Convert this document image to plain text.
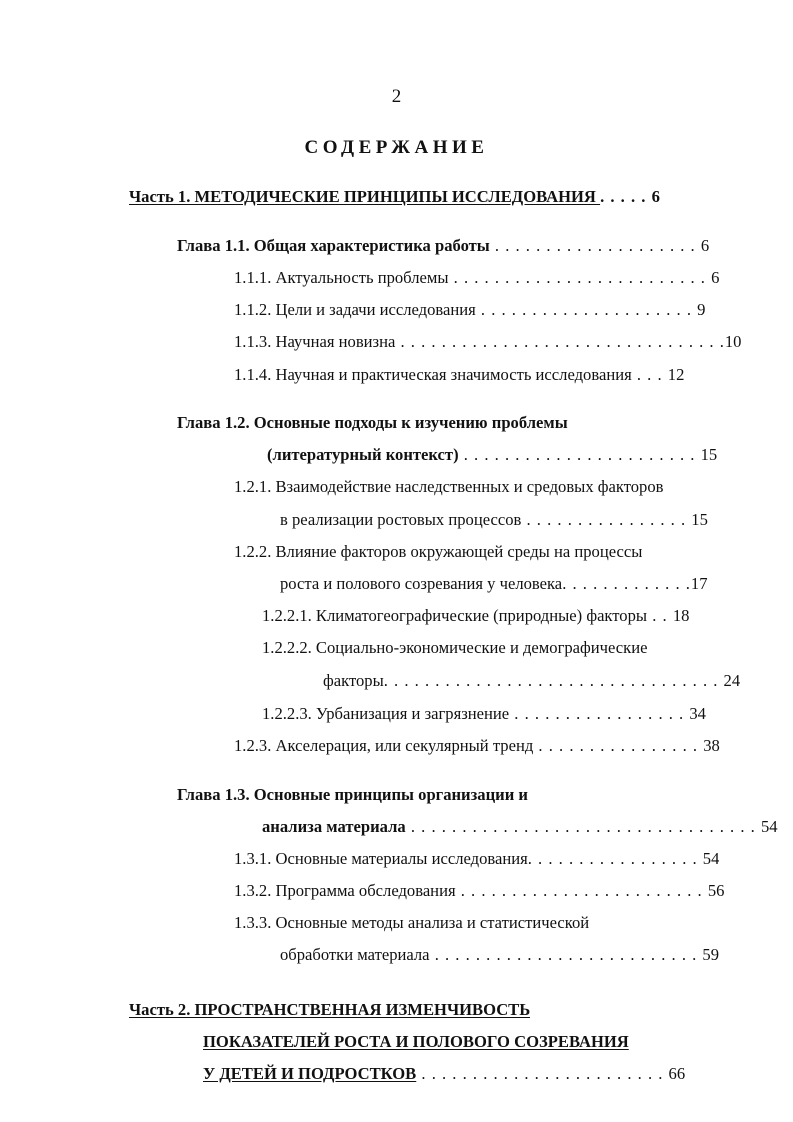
2
СОДЕРЖАНИЕ
Часть 1. МЕТОДИЧЕСКИЕ ПРИНЦИПЫ ИССЛЕДОВАНИЯ . . . . . 6
Глава 1.1. Общая характеристика работы . . . . . . . . . . . . . . . . . . . . 6
1.1.1. Актуальность проблемы . . . . . . . . . . . . . . . . . . . . . . . . . 6
1.1.2. Цели и задачи исследования . . . . . . . . . . . . . . . . . . . . . 9
1.1.3. Научная новизна . . . . . . . . . . . . . . . . . . . . . . . . . . . . . . . .10
1.1.4. Научная и практическая значимость исследования . . . 12
Глава 1.2. Основные подходы к изучению проблемы
(литературный контекст) . . . . . . . . . . . . . . . . . . . . . . . 15
1.2.1. Взаимодействие наследственных и средовых факторов
в реализации ростовых процессов . . . . . . . . . . . . . . . . 15
1.2.2. Влияние факторов окружающей среды на процессы
роста и полового созревания у человека. . . . . . . . . . . . .17
1.2.2.1. Климатогеографические (природные) факторы . . 18
1.2.2.2. Социально-экономические и демографические
факторы. . . . . . . . . . . . . . . . . . . . . . . . . . . . . . . . . 24
1.2.2.3. Урбанизация и загрязнение . . . . . . . . . . . . . . . . . 34
1.2.3. Акселерация, или секулярный тренд . . . . . . . . . . . . . . . . 38
Глава 1.3. Основные принципы организации и
анализа материала . . . . . . . . . . . . . . . . . . . . . . . . . . . . . . . . . . 54
1.3.1. Основные материалы исследования. . . . . . . . . . . . . . . . . 54
1.3.2. Программа обследования . . . . . . . . . . . . . . . . . . . . . . . . 56
1.3.3. Основные методы анализа и статистической
обработки материала . . . . . . . . . . . . . . . . . . . . . . . . . . 59
Часть 2. ПРОСТРАНСТВЕННАЯ ИЗМЕНЧИВОСТЬ
ПОКАЗАТЕЛЕЙ РОСТА И ПОЛОВОГО СОЗРЕВАНИЯ
У ДЕТЕЙ И ПОДРОСТКОВ . . . . . . . . . . . . . . . . . . . . . . . . 66
